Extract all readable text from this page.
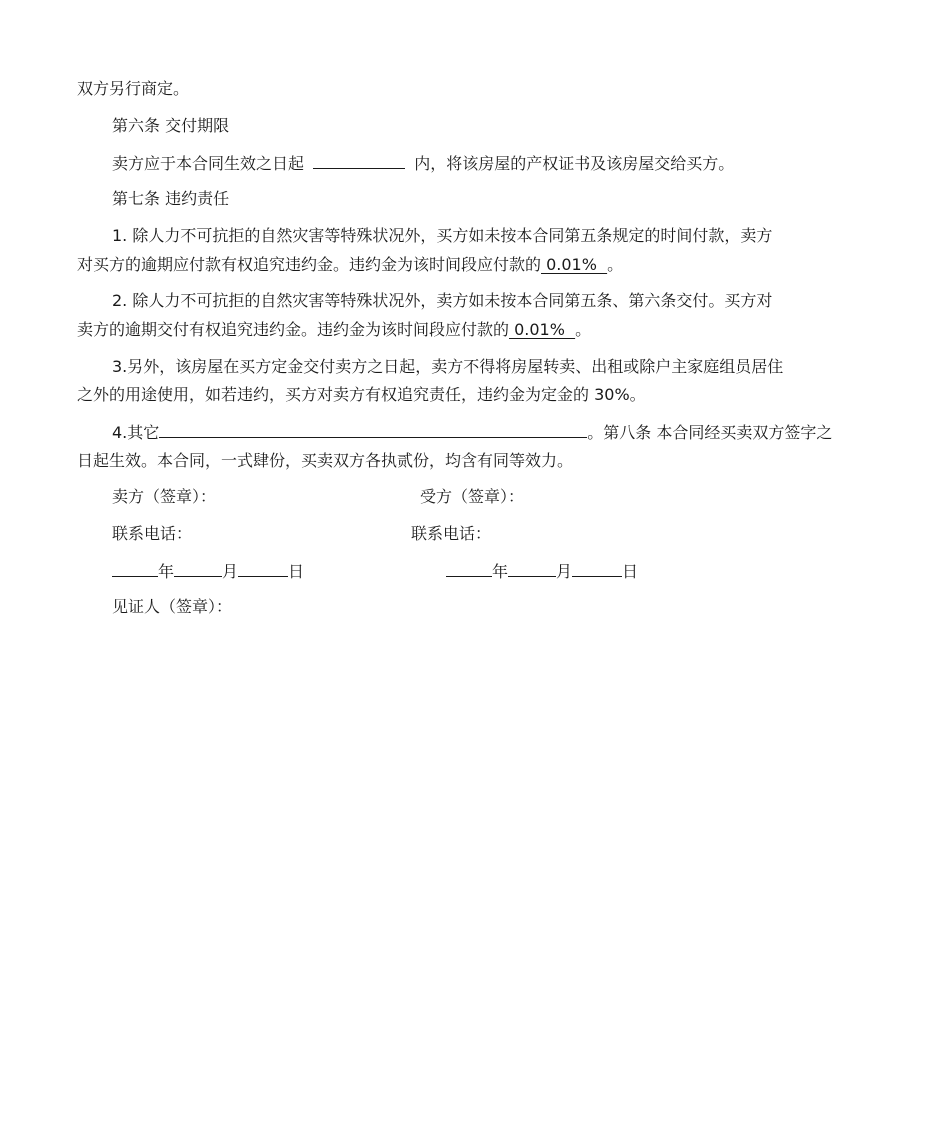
双方另行商定。
第六条 交付期限
卖方应于本合同生效之日起	内，将该房屋的产权证书及该房屋交给买方。
第七条 违约责任
1. 除人力不可抗拒的自然灾害等特殊状况外，买方如未按本合同第五条规定的时间付款，卖方
对买方的逾期应付款有权追究违约金。违约金为该时间段应付款的 0.01%  。
2. 除人力不可抗拒的自然灾害等特殊状况外，卖方如未按本合同第五条、第六条交付。买方对
卖方的逾期交付有权追究违约金。违约金为该时间段应付款的 0.01%  。
3.另外，该房屋在买方定金交付卖方之日起，卖方不得将房屋转卖、出租或除户主家庭组员居住
之外的用途使用，如若违约，买方对卖方有权追究责任，违约金为定金的 30%。
4.其它	。第八条 本合同经买卖双方签字之
日起生效。本合同，一式肆份，买卖双方各执贰份，均含有同等效力。
卖方（签章）：	受方（签章）：
联系电话：	联系电话：
年	月	日	年	月	日
见证人（签章）：
